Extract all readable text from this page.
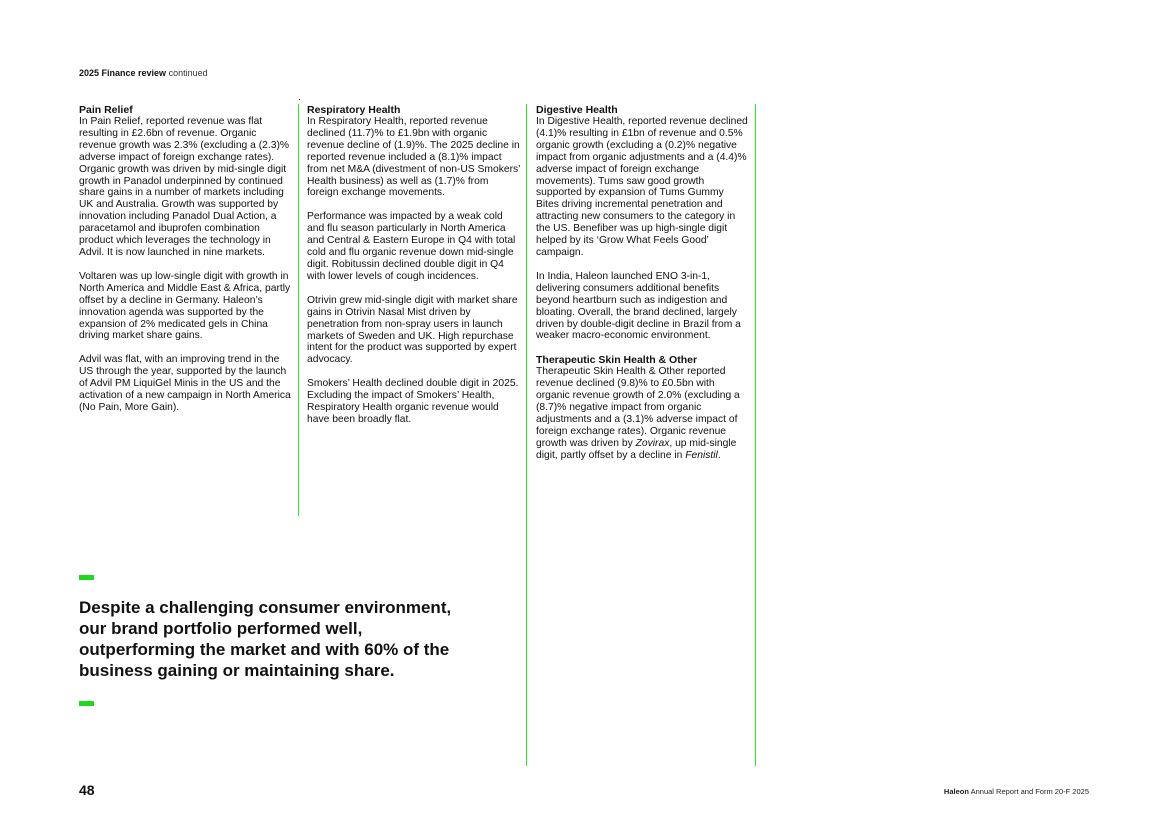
2025 Finance review continued
Pain Relief

In Pain Relief, reported revenue was flat resulting in £2.6bn of revenue. Organic revenue growth was 2.3% (excluding a (2.3)% adverse impact of foreign exchange rates). Organic growth was driven by mid-single digit growth in Panadol underpinned by continued share gains in a number of markets including UK and Australia. Growth was supported by innovation including Panadol Dual Action, a paracetamol and ibuprofen combination product which leverages the technology in Advil. It is now launched in nine markets.

Voltaren was up low-single digit with growth in North America and Middle East & Africa, partly offset by a decline in Germany. Haleon’s innovation agenda was supported by the expansion of 2% medicated gels in China driving market share gains.

Advil was flat, with an improving trend in the US through the year, supported by the launch of Advil PM LiquiGel Minis in the US and the activation of a new campaign in North America (No Pain, More Gain).

Respiratory Health

In Respiratory Health, reported revenue declined (11.7)% to £1.9bn with organic revenue decline of (1.9)%. The 2025 decline in reported revenue included a (8.1)% impact from net M&A (divestment of non-US Smokers’ Health business) as well as (1.7)% from foreign exchange movements.

Performance was impacted by a weak cold and flu season particularly in North America and Central & Eastern Europe in Q4 with total cold and flu organic revenue down mid-single digit. Robitussin declined double digit in Q4 with lower levels of cough incidences.

Otrivin grew mid-single digit with market share gains in Otrivin Nasal Mist driven by penetration from non-spray users in launch markets of Sweden and UK. High repurchase intent for the product was supported by expert advocacy.

Smokers’ Health declined double digit in 2025. Excluding the impact of Smokers’ Health, Respiratory Health organic revenue would have been broadly flat.

Digestive Health

In Digestive Health, reported revenue declined (4.1)% resulting in £1bn of revenue and 0.5% organic growth (excluding a (0.2)% negative impact from organic adjustments and a (4.4)% adverse impact of foreign exchange movements). Tums saw good growth supported by expansion of Tums Gummy Bites driving incremental penetration and attracting new consumers to the category in the US. Benefiber was up high-single digit helped by its ‘Grow What Feels Good’ campaign.

In India, Haleon launched ENO 3-in-1, delivering consumers additional benefits beyond heartburn such as indigestion and bloating. Overall, the brand declined, largely driven by double-digit decline in Brazil from a weaker macro-economic environment.

Therapeutic Skin Health & Other

Therapeutic Skin Health & Other reported revenue declined (9.8)% to £0.5bn with organic revenue growth of 2.0% (excluding a (8.7)% negative impact from organic adjustments and a (3.1)% adverse impact of foreign exchange rates). Organic revenue growth was driven by Zovirax, up mid-single digit, partly offset by a decline in Fenistil.

Despite a challenging consumer environment, our brand portfolio performed well, outperforming the market and with 60% of the business gaining or maintaining share.
48	Haleon Annual Report and Form 20-F 2025
